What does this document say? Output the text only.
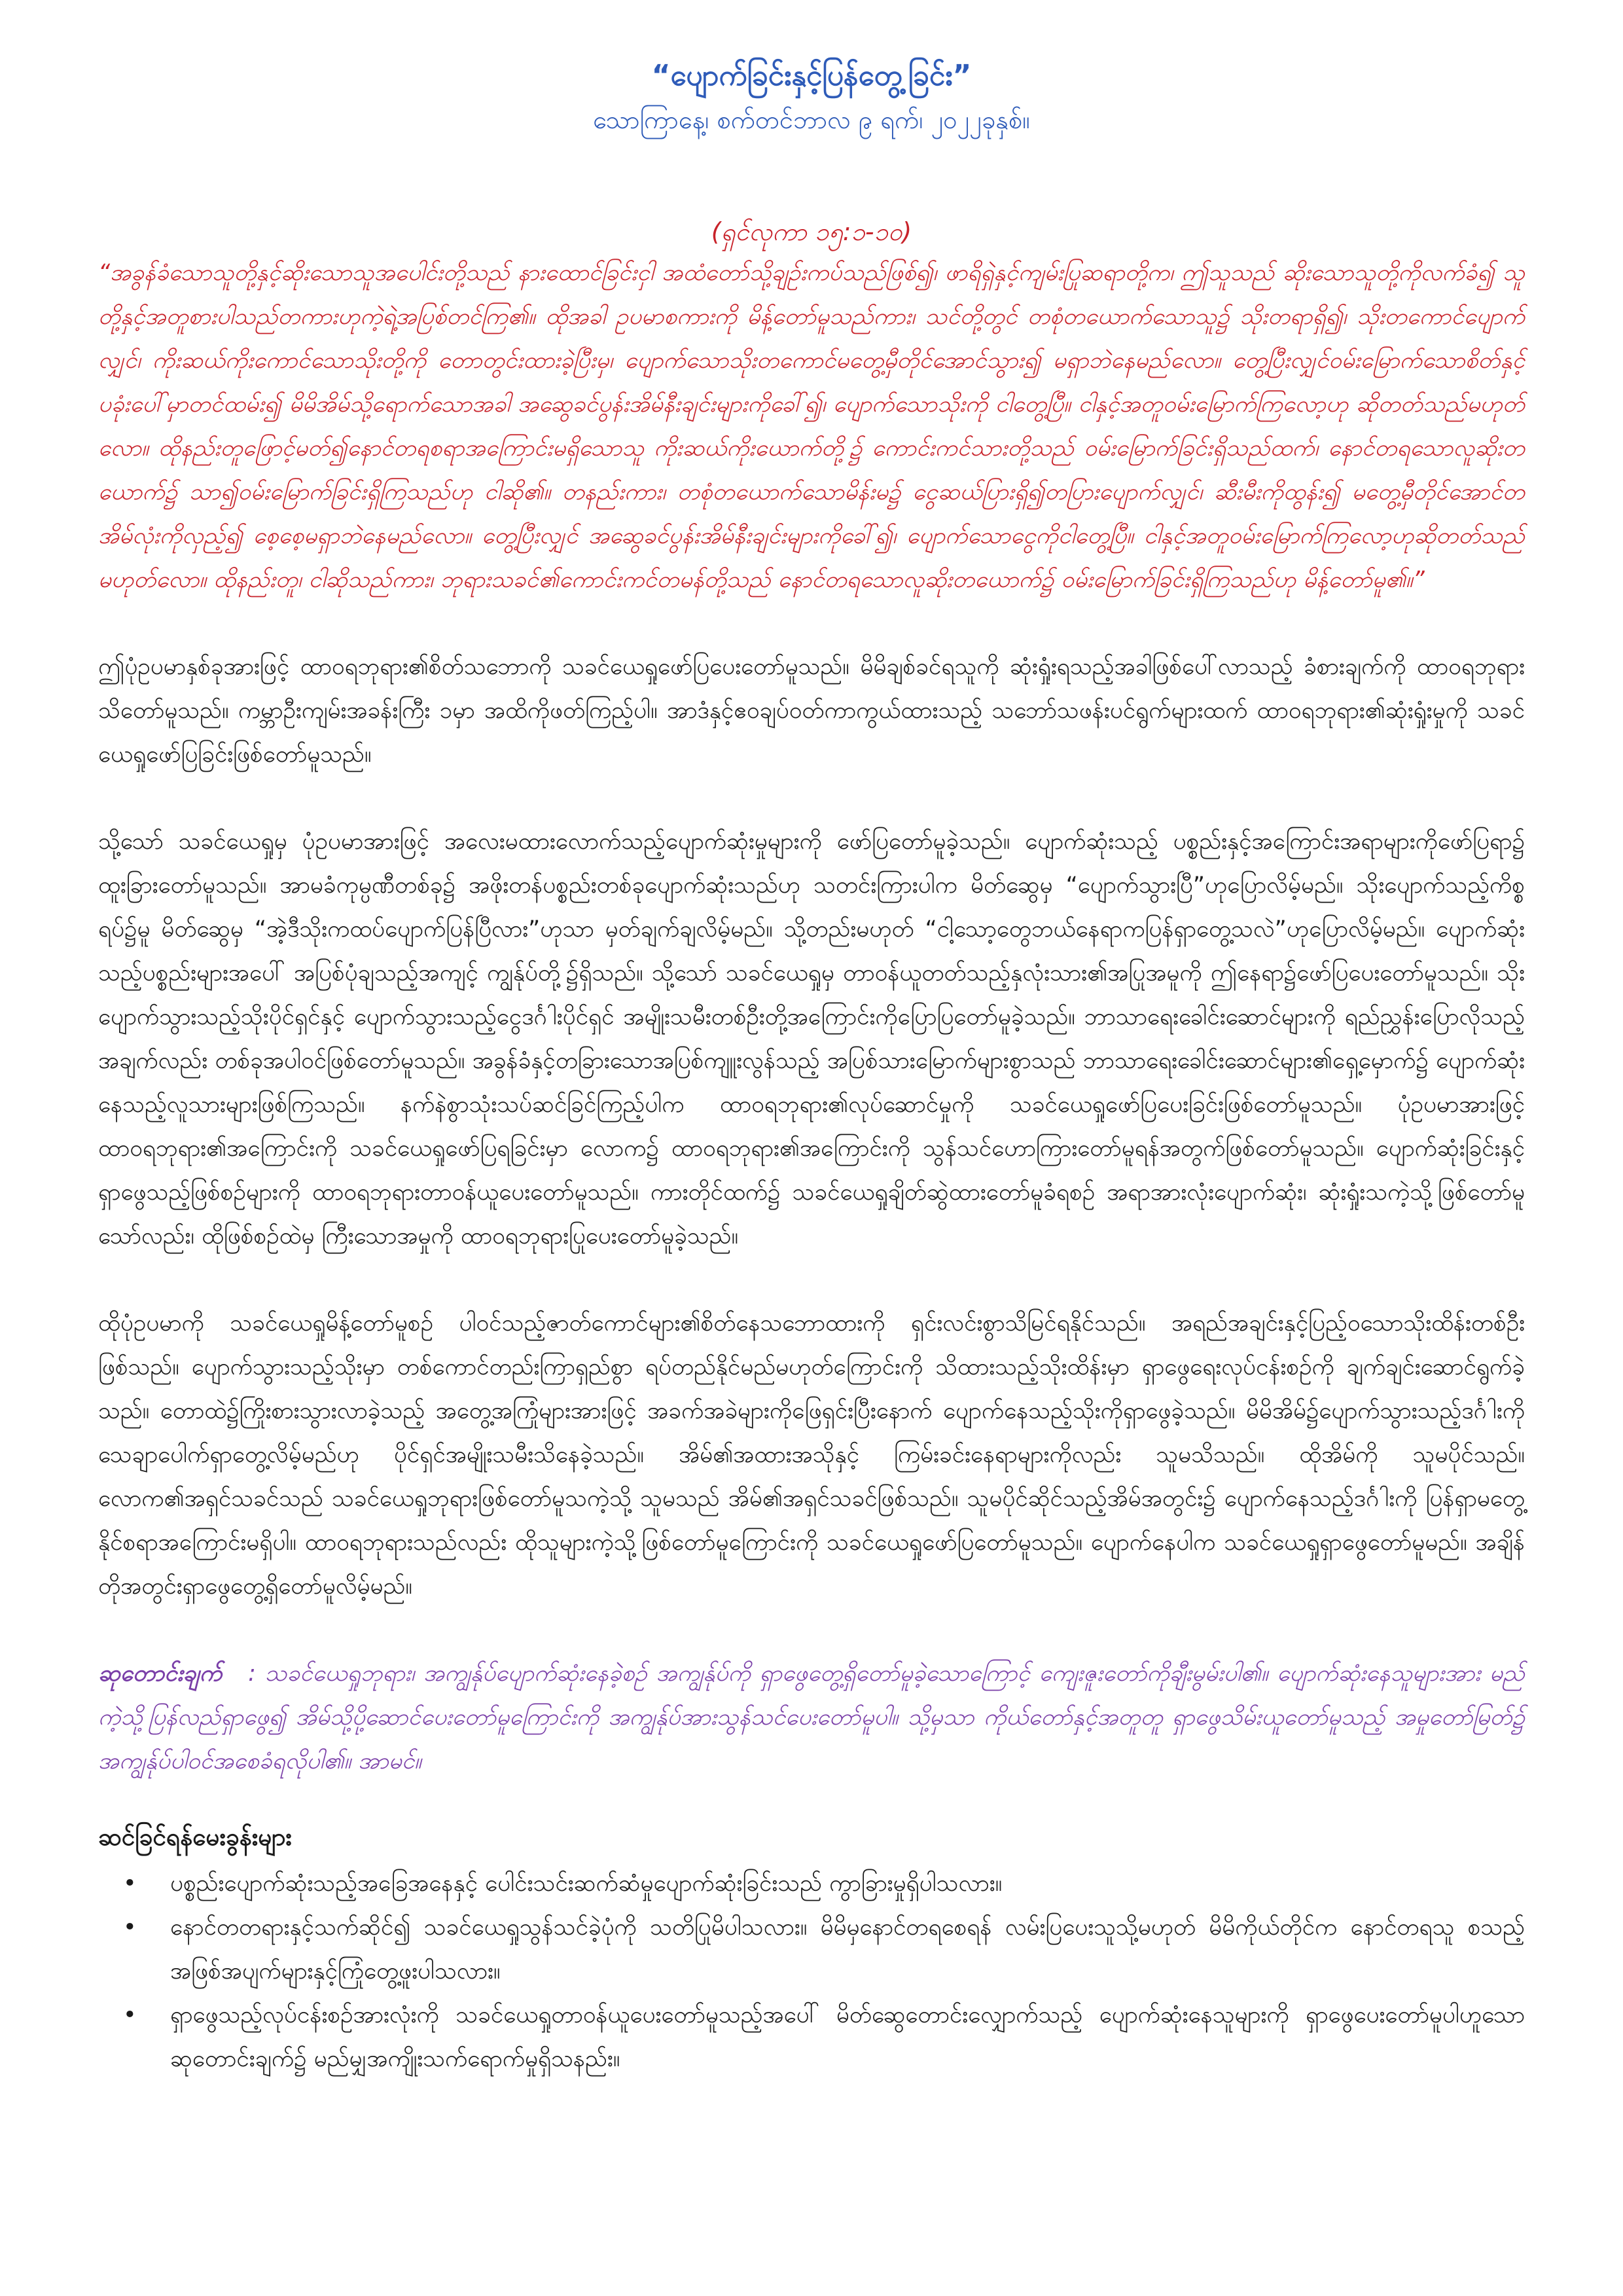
“ပျောက်ခြင်းနှင့်ပြန်တွေ့ခြင်း”

သောကြာနေ့၊ စက်တင်ဘာလ ၉ ရက်၊ ၂၀၂၂ခုနှစ်။

(ရှင်လုကာ ၁၅:၁-၁၀)

“အခွန်ခံသောသူတို့နှင့်ဆိုးသောသူအပေါင်းတို့သည် နားထောင်ခြင်းငှါ အထံတော်သို့ချဉ်းကပ်သည်ဖြစ်၍၊ ဖာရိရှဲနှင့်ကျမ်းပြုဆရာတို့က၊ ဤသူသည် ဆိုးသောသူတို့ကိုလက်ခံ၍ သူတို့နှင့်အတူစားပါသည်တကားဟုကဲ့ရဲ့အပြစ်တင်ကြ၏။ ထိုအခါ ဥပမာစကားကို မိန့်တော်မူသည်ကား၊ သင်တို့တွင် တစုံတယောက်သောသူ၌ သိုးတရာရှိ၍၊ သိုးတကောင်ပျောက်လျှင်၊ ကိုးဆယ်ကိုးကောင်သောသိုးတို့ကို တောတွင်းထားခဲ့ပြီးမှ၊ ပျောက်သောသိုးတကောင်မတွေ့မှီတိုင်အောင်သွား၍ မရှာဘဲနေမည်လော။ တွေ့ပြီးလျှင်ဝမ်းမြောက်သောစိတ်နှင့်ပခုံးပေါ်မှာတင်ထမ်း၍ မိမိအိမ်သို့ရောက်သောအခါ အဆွေခင်ပွန်းအိမ်နီးချင်းများကိုခေါ်၍၊ ပျောက်သောသိုးကို ငါတွေ့ပြီ။ ငါနှင့်အတူဝမ်းမြောက်ကြလော့ဟု ဆိုတတ်သည်မဟုတ်လော။ ထိုနည်းတူဖြောင့်မတ်၍နောင်တရစရာအကြောင်းမရှိသောသူ ကိုးဆယ်ကိုးယောက်တို့၌ ကောင်းကင်သားတို့သည် ဝမ်းမြောက်ခြင်းရှိသည်ထက်၊ နောင်တရသောလူဆိုးတယောက်၌ သာ၍ဝမ်းမြောက်ခြင်းရှိကြသည်ဟု ငါဆို၏။ တနည်းကား၊ တစုံတယောက်သောမိန်းမ၌ ငွေဆယ်ပြားရှိ၍တပြားပျောက်လျှင်၊ ဆီးမီးကိုထွန်း၍ မတွေ့မှီတိုင်အောင်တအိမ်လုံးကိုလှည့်၍ စေ့စေ့မရှာဘဲနေမည်လော။ တွေ့ပြီးလျှင် အဆွေခင်ပွန်းအိမ်နီးချင်းများကိုခေါ်၍၊ ပျောက်သောငွေကိုငါတွေ့ပြီ။ ငါနှင့်အတူဝမ်းမြောက်ကြလော့ဟုဆိုတတ်သည်မဟုတ်လော။ ထိုနည်းတူ၊ ငါဆိုသည်ကား၊ ဘုရားသခင်၏ကောင်းကင်တမန်တို့သည် နောင်တရသောလူဆိုးတယောက်၌ ဝမ်းမြောက်ခြင်းရှိကြသည်ဟု မိန့်တော်မူ၏။”

ဤပုံဥပမာနှစ်ခုအားဖြင့် ထာဝရဘုရား၏စိတ်သဘောကို သခင်ယေရှုဖော်ပြပေးတော်မူသည်။ မိမိချစ်ခင်ရသူကို ဆုံးရှုံးရသည့်အခါဖြစ်ပေါ်လာသည့် ခံစားချက်ကို ထာဝရဘုရားသိတော်မူသည်။ ကမ္ဘာဦးကျမ်းအခန်းကြီး ၁မှာ အထိကိုဖတ်ကြည့်ပါ။ အာဒံနှင့်ဧဝချပ်ဝတ်ကာကွယ်ထားသည့် သဘော်သဖန်းပင်ရွက်များထက် ထာဝရဘုရား၏ဆုံးရှုံးမှုကို သခင်ယေရှုဖော်ပြခြင်းဖြစ်တော်မူသည်။

သို့သော် သခင်ယေရှုမှ ပုံဥပမာအားဖြင့် အလေးမထားလောက်သည့်ပျောက်ဆုံးမှုများကို ဖော်ပြတော်မူခဲ့သည်။ ပျောက်ဆုံးသည့် ပစ္စည်းနှင့်အကြောင်းအရာများကိုဖော်ပြရာ၌ ထူးခြားတော်မူသည်။ အာမခံကုမ္ပဏီတစ်ခု၌ အဖိုးတန်ပစ္စည်းတစ်ခုပျောက်ဆုံးသည်ဟု သတင်းကြားပါက မိတ်ဆွေမှ “ပျောက်သွားပြီ”ဟုပြောလိမ့်မည်။ သိုးပျောက်သည့်ကိစ္စရပ်၌မူ မိတ်ဆွေမှ “အဲ့ဒီသိုးကထပ်ပျောက်ပြန်ပြီလား”ဟုသာ မှတ်ချက်ချလိမ့်မည်။ သို့တည်းမဟုတ် “ငါ့သော့တွေဘယ်နေရာကပြန်ရှာတွေ့သလဲ”ဟုပြောလိမ့်မည်။ ပျောက်ဆုံးသည့်ပစ္စည်းများအပေါ် အပြစ်ပုံချသည့်အကျင့် ကျွန်ုပ်တို့၌ရှိသည်။ သို့သော် သခင်ယေရှုမှ တာဝန်ယူတတ်သည့်နှလုံးသား၏အပြုအမူကို ဤနေရာ၌ဖော်ပြပေးတော်မူသည်။ သိုးပျောက်သွားသည့်သိုးပိုင်ရှင်နှင့် ပျောက်သွားသည့်ငွေဒင်္ဂါးပိုင်ရှင် အမျိုးသမီးတစ်ဦးတို့အကြောင်းကိုပြောပြတော်မူခဲ့သည်။ ဘာသာရေးခေါင်းဆောင်များကို ရည်ညွှန်းပြောလိုသည့်အချက်လည်း တစ်ခုအပါဝင်ဖြစ်တော်မူသည်။ အခွန်ခံနှင့်တခြားသောအပြစ်ကျူးလွန်သည့် အပြစ်သားမြောက်များစွာသည် ဘာသာရေးခေါင်းဆောင်များ၏ရှေ့မှောက်၌ ပျောက်ဆုံးနေသည့်လူသားများဖြစ်ကြသည်။ နက်နဲစွာသုံးသပ်ဆင်ခြင်ကြည့်ပါက ထာဝရဘုရား၏လုပ်ဆောင်မှုကို သခင်ယေရှုဖော်ပြပေးခြင်းဖြစ်တော်မူသည်။ ပုံဥပမာအားဖြင့် ထာဝရဘုရား၏အကြောင်းကို သခင်ယေရှုဖော်ပြရခြင်းမှာ လောက၌ ထာဝရဘုရား၏အကြောင်းကို သွန်သင်ဟောကြားတော်မူရန်အတွက်ဖြစ်တော်မူသည်။ ပျောက်ဆုံးခြင်းနှင့်ရှာဖွေသည့်ဖြစ်စဉ်များကို ထာဝရဘုရားတာဝန်ယူပေးတော်မူသည်။ ကားတိုင်ထက်၌ သခင်ယေရှုချိတ်ဆွဲထားတော်မူခံရစဉ် အရာအားလုံးပျောက်ဆုံး၊ ဆုံးရှုံးသကဲ့သို့ဖြစ်တော်မူသော်လည်း၊ ထိုဖြစ်စဉ်ထဲမှ ကြီးသောအမှုကို ထာဝရဘုရားပြုပေးတော်မူခဲ့သည်။

ထိုပုံဥပမာကို သခင်ယေရှုမိန့်တော်မူစဉ် ပါဝင်သည့်ဇာတ်ကောင်များ၏စိတ်နေသဘောထားကို ရှင်းလင်းစွာသိမြင်ရနိုင်သည်။ အရည်အချင်းနှင့်ပြည့်ဝသောသိုးထိန်းတစ်ဦးဖြစ်သည်။ ပျောက်သွားသည့်သိုးမှာ တစ်ကောင်တည်းကြာရှည်စွာ ရပ်တည်နိုင်မည်မဟုတ်ကြောင်းကို သိထားသည့်သိုးထိန်းမှာ ရှာဖွေရေးလုပ်ငန်းစဉ်ကို ချက်ချင်းဆောင်ရွက်ခဲ့သည်။ တောထဲ၌ကြိုးစားသွားလာခဲ့သည့် အတွေ့အကြုံများအားဖြင့် အခက်အခဲများကိုဖြေရှင်းပြီးနောက် ပျောက်နေသည့်သိုးကိုရှာဖွေခဲ့သည်။ မိမိအိမ်၌ပျောက်သွားသည့်ဒင်္ဂါးကို သေချာပေါက်ရှာတွေ့လိမ့်မည်ဟု ပိုင်ရှင်အမျိုးသမီးသိနေခဲ့သည်။ အိမ်၏အထားအသိုနှင့် ကြမ်းခင်းနေရာများကိုလည်း သူမသိသည်။ ထိုအိမ်ကို သူမပိုင်သည်။ လောက၏အရှင်သခင်သည် သခင်ယေရှုဘုရားဖြစ်တော်မူသကဲ့သို့ သူမသည် အိမ်၏အရှင်သခင်ဖြစ်သည်။ သူမပိုင်ဆိုင်သည့်အိမ်အတွင်း၌ ပျောက်နေသည့်ဒင်္ဂါးကို ပြန်ရှာမတွေ့နိုင်စရာအကြောင်းမရှိပါ။ ထာဝရဘုရားသည်လည်း ထိုသူများကဲ့သို့ဖြစ်တော်မူကြောင်းကို သခင်ယေရှုဖော်ပြတော်မူသည်။ ပျောက်နေပါက သခင်ယေရှုရှာဖွေတော်မူမည်။ အချိန်တိုအတွင်းရှာဖွေတွေ့ရှိတော်မူလိမ့်မည်။

ဆုတောင်းချက် : သခင်ယေရှုဘုရား၊ အကျွန်ုပ်ပျောက်ဆုံးနေခဲ့စဉ် အကျွန်ုပ်ကို ရှာဖွေတွေ့ရှိတော်မူခဲ့သောကြောင့် ကျေးဇူးတော်ကိုချီးမွမ်းပါ၏။ ပျောက်ဆုံးနေသူများအား မည်ကဲ့သို့ပြန်လည်ရှာဖွေ၍ အိမ်သို့ပို့ဆောင်ပေးတော်မူကြောင်းကို အကျွန်ုပ်အားသွန်သင်ပေးတော်မူပါ။ သို့မှသာ ကိုယ်တော်နှင့်အတူတူ ရှာဖွေသိမ်းယူတော်မူသည့် အမှုတော်မြတ်၌ အကျွန်ုပ်ပါဝင်အစေခံရလိုပါ၏။ အာမင်။

ဆင်ခြင်ရန်မေးခွန်းများ

• ပစ္စည်းပျောက်ဆုံးသည့်အခြေအနေနှင့် ပေါင်းသင်းဆက်ဆံမှုပျောက်ဆုံးခြင်းသည် ကွာခြားမှုရှိပါသလား။
• နောင်တတရားနှင့်သက်ဆိုင်၍ သခင်ယေရှုသွန်သင်ခဲ့ပုံကို သတိပြုမိပါသလား။ မိမိမှနောင်တရစေရန် လမ်းပြပေးသူသို့မဟုတ် မိမိကိုယ်တိုင်က နောင်တရသူ စသည့်အဖြစ်အပျက်များနှင့်ကြုံတွေ့ဖူးပါသလား။
• ရှာဖွေသည့်လုပ်ငန်းစဉ်အားလုံးကို သခင်ယေရှုတာဝန်ယူပေးတော်မူသည့်အပေါ် မိတ်ဆွေတောင်းလျှောက်သည့် ပျောက်ဆုံးနေသူများကို ရှာဖွေပေးတော်မူပါဟူသော ဆုတောင်းချက်၌ မည်မျှအကျိုးသက်ရောက်မှုရှိသနည်း။
